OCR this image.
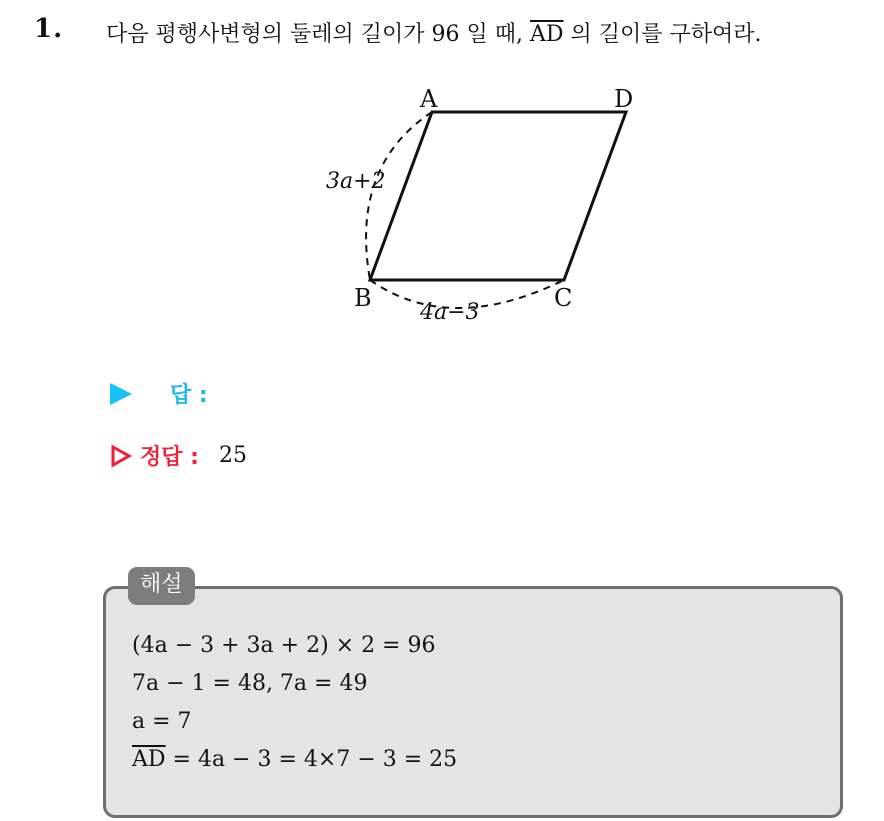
1. 다음 평행사변형의 둘레의 길이가 96 일 때, $\overline{AD}$ 의 길이를 구하여라.
A	D
B	C
3a+2
4a−3
답 :
정답 : 25
해설
(4a − 3 + 3a + 2) × 2 = 96
7a − 1 = 48, 7a = 49
a = 7
$\overline{AD} = 4a - 3 = 4\times 7 - 3 = 25$
